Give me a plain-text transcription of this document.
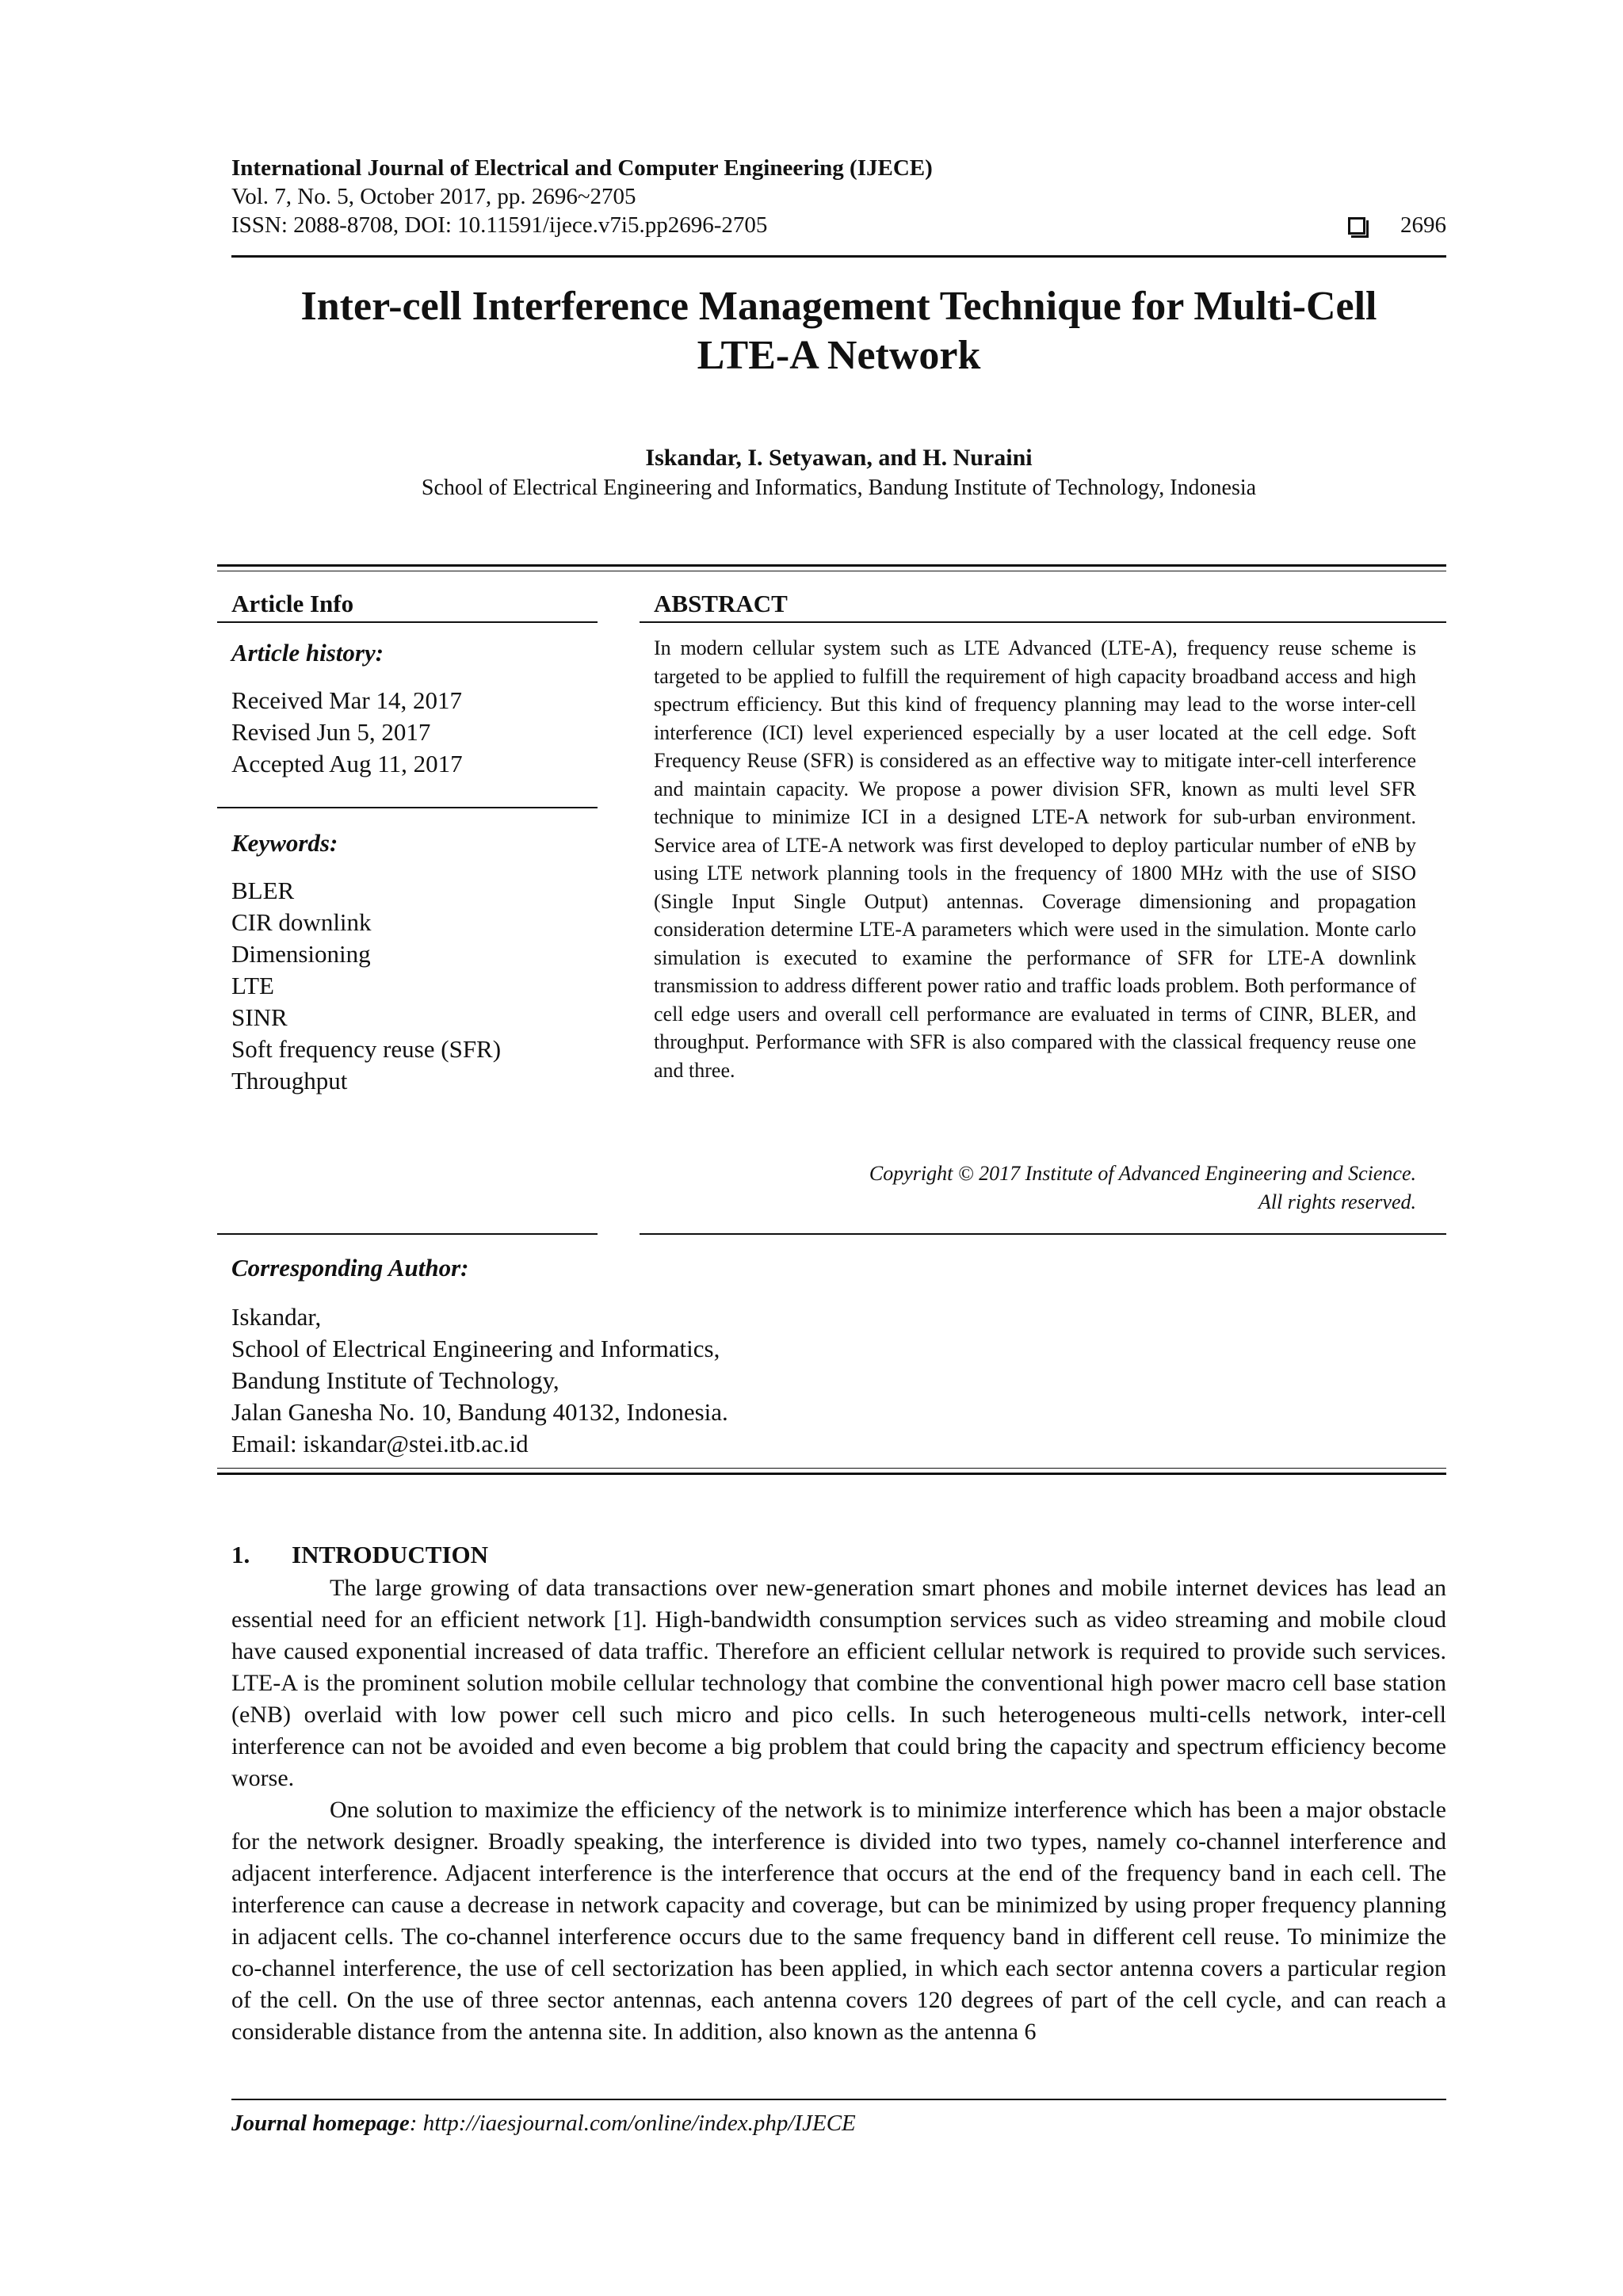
International Journal of Electrical and Computer Engineering (IJECE)
Vol. 7, No. 5, October 2017, pp. 2696~2705
ISSN: 2088-8708, DOI: 10.11591/ijece.v7i5.pp2696-2705	2696
Inter-cell Interference Management Technique for Multi-Cell
LTE-A Network
Iskandar, I. Setyawan, and H. Nuraini
School of Electrical Engineering and Informatics, Bandung Institute of Technology, Indonesia
Article Info
Article history:
Received Mar 14, 2017
Revised Jun 5, 2017
Accepted Aug 11, 2017
Keywords:
BLER
CIR downlink
Dimensioning
LTE
SINR
Soft frequency reuse (SFR)
Throughput
ABSTRACT
In modern cellular system such as LTE Advanced (LTE-A), frequency reuse scheme is targeted to be applied to fulfill the requirement of high capacity broadband access and high spectrum efficiency. But this kind of frequency planning may lead to the worse inter-cell interference (ICI) level experienced especially by a user located at the cell edge. Soft Frequency Reuse (SFR) is considered as an effective way to mitigate inter-cell interference and maintain capacity. We propose a power division SFR, known as multi level SFR technique to minimize ICI in a designed LTE-A network for sub-urban environment. Service area of LTE-A network was first developed to deploy particular number of eNB by using LTE network planning tools in the frequency of 1800 MHz with the use of SISO (Single Input Single Output) antennas. Coverage dimensioning and propagation consideration determine LTE-A parameters which were used in the simulation. Monte carlo simulation is executed to examine the performance of SFR for LTE-A downlink transmission to address different power ratio and traffic loads problem. Both performance of cell edge users and overall cell performance are evaluated in terms of CINR, BLER, and throughput. Performance with SFR is also compared with the classical frequency reuse one and three.
Copyright © 2017 Institute of Advanced Engineering and Science.
All rights reserved.
Corresponding Author:
Iskandar,
School of Electrical Engineering and Informatics,
Bandung Institute of Technology,
Jalan Ganesha No. 10, Bandung 40132, Indonesia.
Email: iskandar@stei.itb.ac.id
1. INTRODUCTION

The large growing of data transactions over new-generation smart phones and mobile internet devices has lead an essential need for an efficient network [1]. High-bandwidth consumption services such as video streaming and mobile cloud have caused exponential increased of data traffic. Therefore an efficient cellular network is required to provide such services. LTE-A is the prominent solution mobile cellular technology that combine the conventional high power macro cell base station (eNB) overlaid with low power cell such micro and pico cells. In such heterogeneous multi-cells network, inter-cell interference can not be avoided and even become a big problem that could bring the capacity and spectrum efficiency become worse.

One solution to maximize the efficiency of the network is to minimize interference which has been a major obstacle for the network designer. Broadly speaking, the interference is divided into two types, namely co-channel interference and adjacent interference. Adjacent interference is the interference that occurs at the end of the frequency band in each cell. The interference can cause a decrease in network capacity and coverage, but can be minimized by using proper frequency planning in adjacent cells. The co-channel interference occurs due to the same frequency band in different cell reuse. To minimize the co-channel interference, the use of cell sectorization has been applied, in which each sector antenna covers a particular region of the cell. On the use of three sector antennas, each antenna covers 120 degrees of part of the cell cycle, and can reach a considerable distance from the antenna site. In addition, also known as the antenna 6

Journal homepage: http://iaesjournal.com/online/index.php/IJECE
